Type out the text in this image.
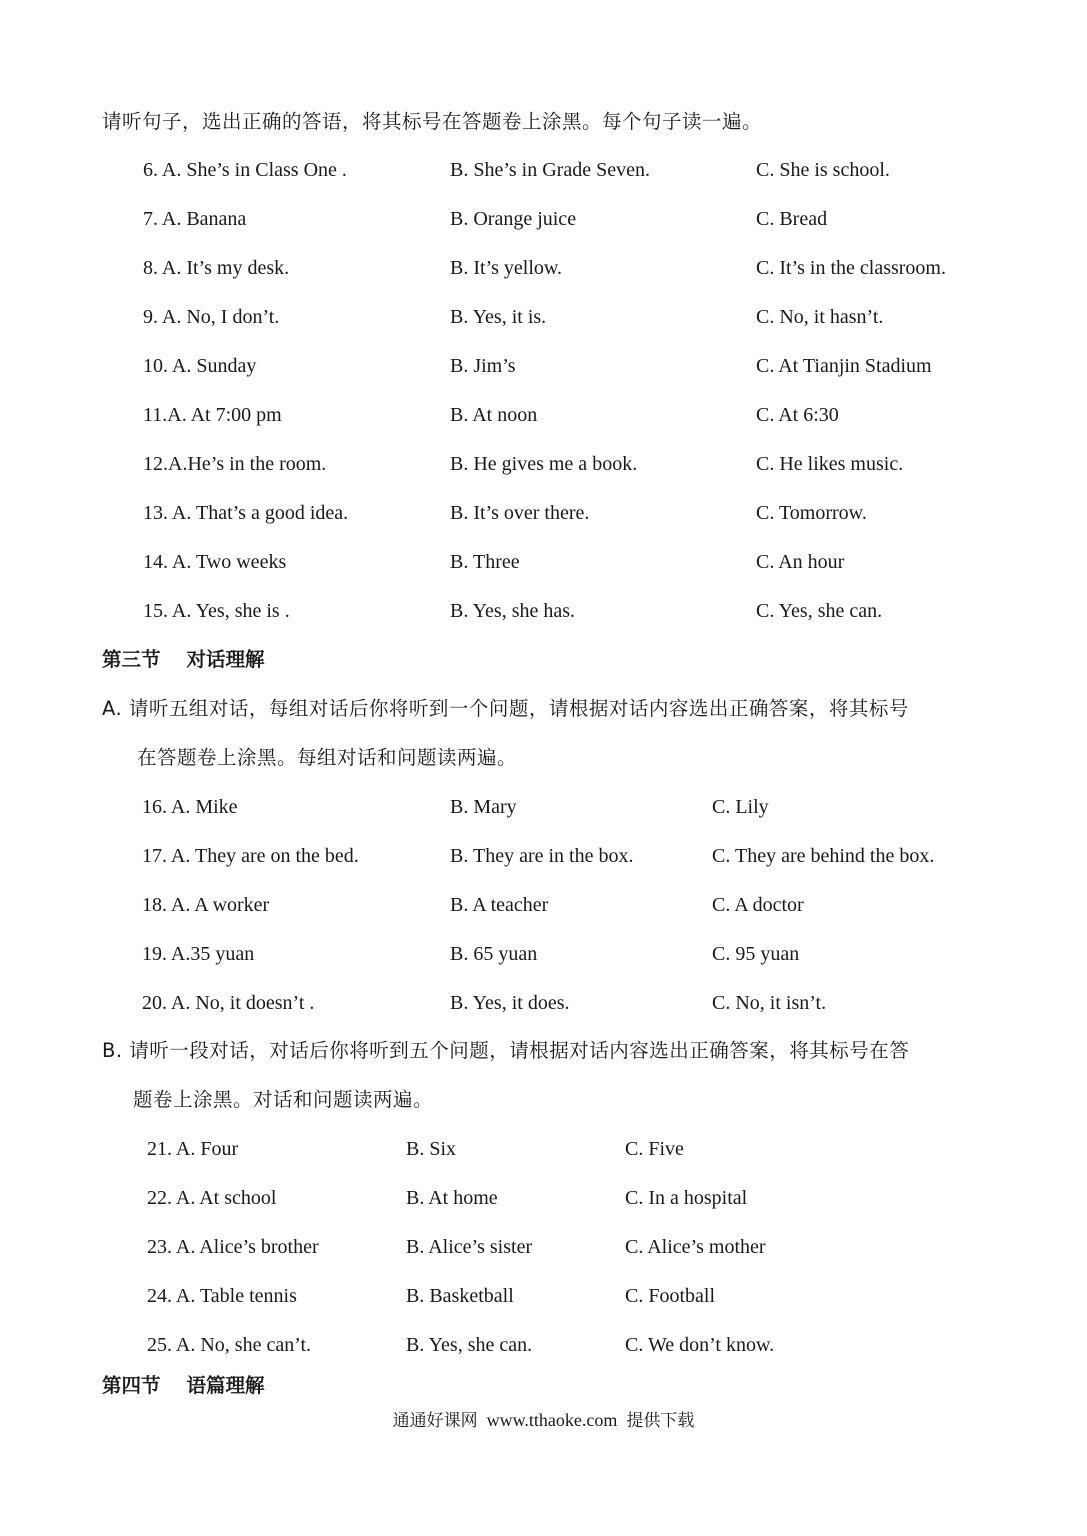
请听句子，选出正确的答语，将其标号在答题卷上涂黑。每个句子读一遍。
6. A. She’s in Class One .	B. She’s in Grade Seven.	C. She is school.
7. A. Banana	B. Orange juice	C. Bread
8. A. It’s my desk.	B. It’s yellow.	C. It’s in the classroom.
9. A. No, I don’t.	B. Yes, it is.	C. No, it hasn’t.
10. A. Sunday	B. Jim’s	C. At Tianjin Stadium
11.A. At 7:00 pm	B. At noon	C. At 6:30
12.A.He’s in the room.	B. He gives me a book.	C. He likes music.
13. A. That’s a good idea.	B. It’s over there.	C. Tomorrow.
14. A. Two weeks	B. Three	C. An hour
15. A. Yes, she is .	B. Yes, she has.	C. Yes, she can.
第三节 对话理解
A. 请听五组对话，每组对话后你将听到一个问题，请根据对话内容选出正确答案，将其标号
在答题卷上涂黑。每组对话和问题读两遍。
16. A. Mike	B. Mary	C. Lily
17. A. They are on the bed.	B. They are in the box.	C. They are behind the box.
18. A. A worker	B. A teacher	C. A doctor
19. A.35 yuan	B. 65 yuan	C. 95 yuan
20. A. No, it doesn’t .	B. Yes, it does.	C. No, it isn’t.
B. 请听一段对话，对话后你将听到五个问题，请根据对话内容选出正确答案，将其标号在答
题卷上涂黑。对话和问题读两遍。
21. A. Four	B. Six	C. Five
22. A. At school	B. At home	C. In a hospital
23. A. Alice’s brother	B. Alice’s sister	C. Alice’s mother
24. A. Table tennis	B. Basketball	C. Football
25. A. No, she can’t.	B. Yes, she can.	C. We don’t know.
第四节 语篇理解
通通好课网 www.tthaoke.com 提供下载
